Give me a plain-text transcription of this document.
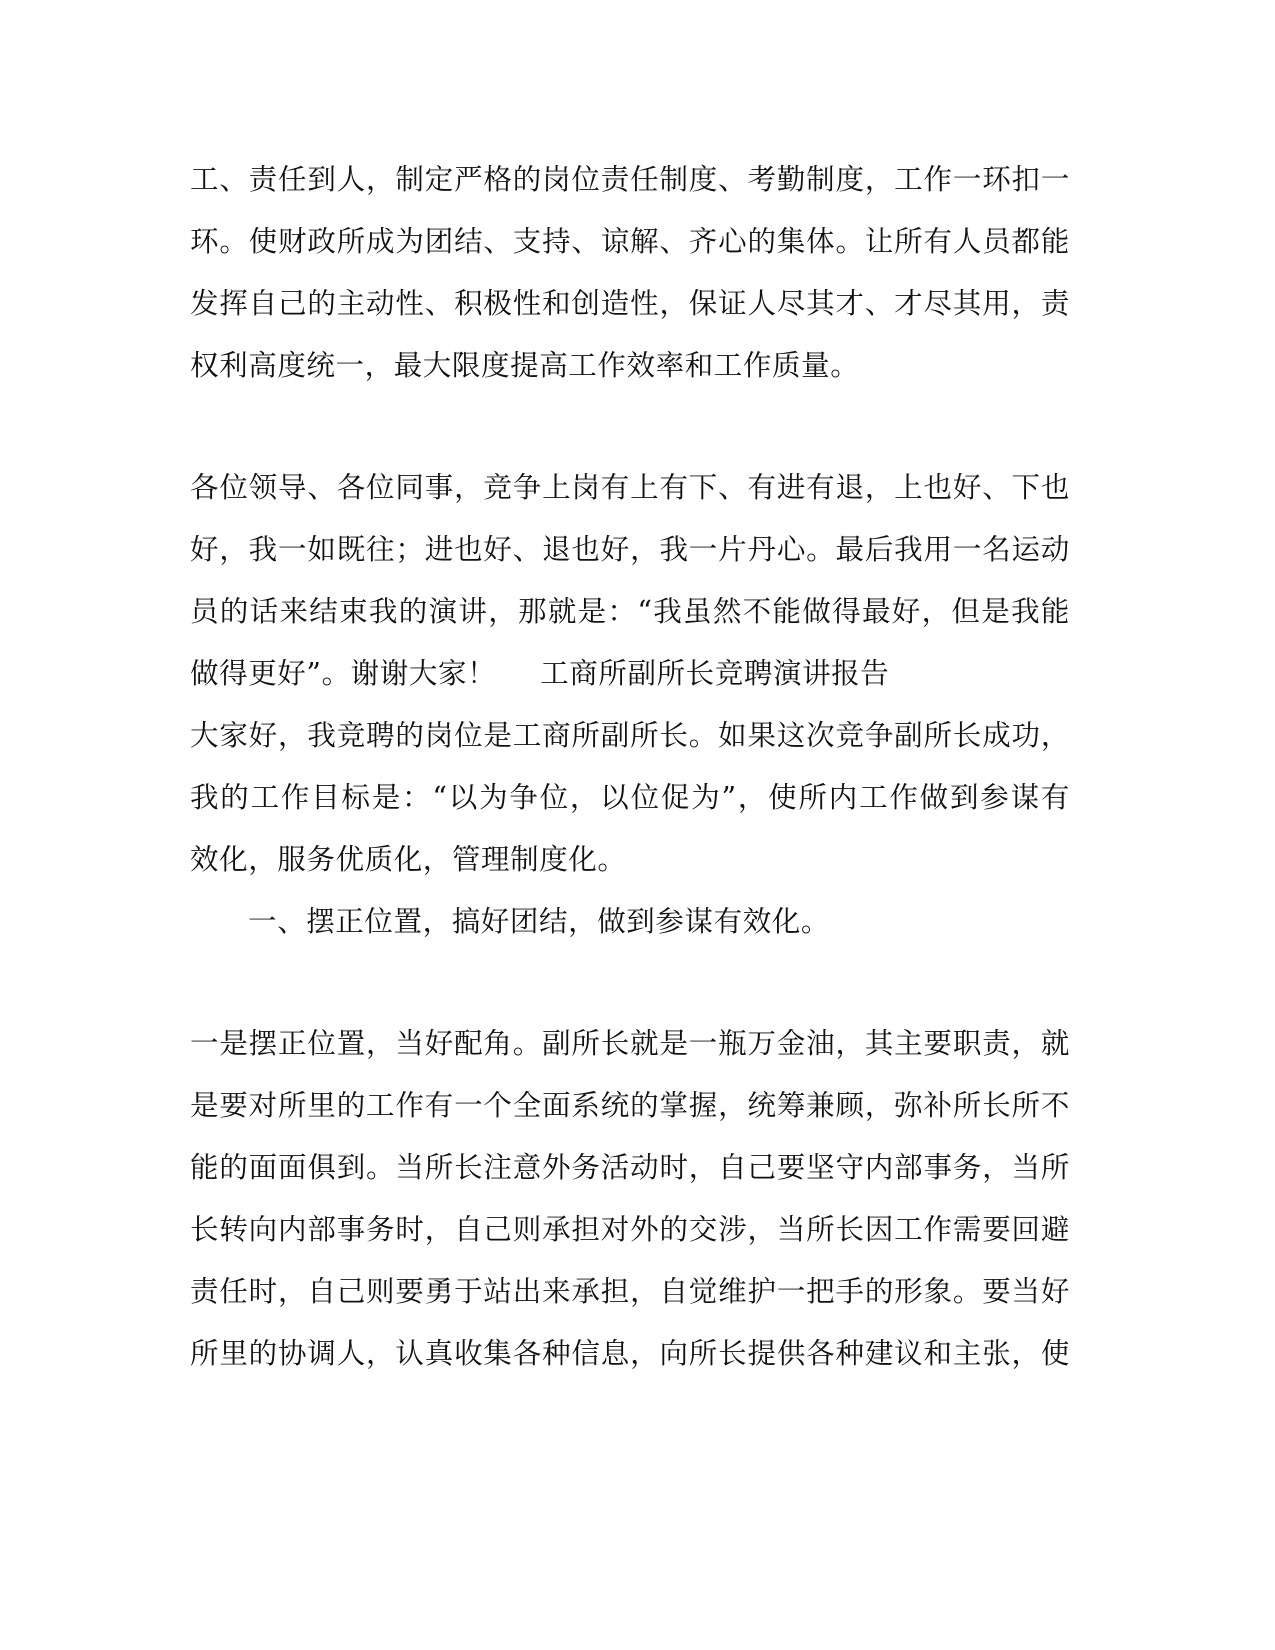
工、责任到人，制定严格的岗位责任制度、考勤制度，工作一环扣一
环。使财政所成为团结、支持、谅解、齐心的集体。让所有人员都能
发挥自己的主动性、积极性和创造性，保证人尽其才、才尽其用，责
权利高度统一，最大限度提高工作效率和工作质量。
各位领导、各位同事，竞争上岗有上有下、有进有退，上也好、下也
好，我一如既往；进也好、退也好，我一片丹心。最后我用一名运动
员的话来结束我的演讲，那就是：“我虽然不能做得最好，但是我能
做得更好”。谢谢大家！ 工商所副所长竞聘演讲报告
大家好，我竞聘的岗位是工商所副所长。如果这次竞争副所长成功，
我的工作目标是：“以为争位，以位促为”，使所内工作做到参谋有
效化，服务优质化，管理制度化。
一、摆正位置，搞好团结，做到参谋有效化。
一是摆正位置，当好配角。副所长就是一瓶万金油，其主要职责，就
是要对所里的工作有一个全面系统的掌握，统筹兼顾，弥补所长所不
能的面面俱到。当所长注意外务活动时，自己要坚守内部事务，当所
长转向内部事务时，自己则承担对外的交涉，当所长因工作需要回避
责任时，自己则要勇于站出来承担，自觉维护一把手的形象。要当好
所里的协调人，认真收集各种信息，向所长提供各种建议和主张，使
